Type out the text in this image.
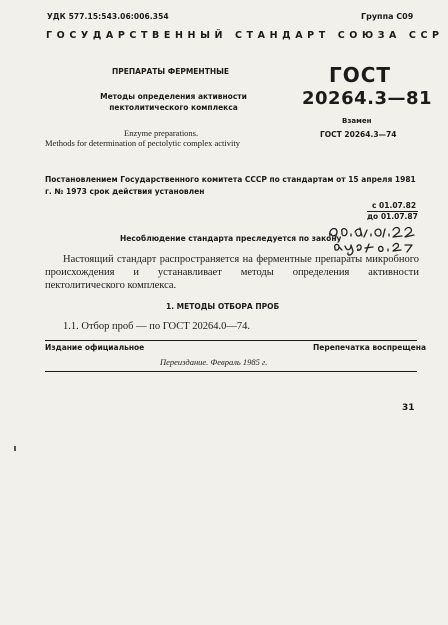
УДК 577.15:543.06:006.354	Группа С09
ГОСУДАРСТВЕННЫЙ СТАНДАРТ СОЮЗА ССР
ПРЕПАРАТЫ ФЕРМЕНТНЫЕ
Методы определения активности
пектолитического комплекса
ГОСТ
20264.3—81
Взамен
ГОСТ 20264.3—74
Enzyme preparations.
Methods for determination of pectolytic complex activity
Постановлением Государственного комитета СССР по стандартам от 15 апреля 1981 г. № 1973 срок действия установлен
с 01.07.82
до 01.07.87
Несоблюдение стандарта преследуется по закону
Настоящий стандарт распространяется на ферментные препараты микробного происхождения и устанавливает методы определения активности пектолитического комплекса.
1. МЕТОДЫ ОТБОРА ПРОБ
1.1. Отбор проб — по ГОСТ 20264.0—74.
Издание официальное	Перепечатка воспрещена
Переиздание. Февраль 1985 г.
31
